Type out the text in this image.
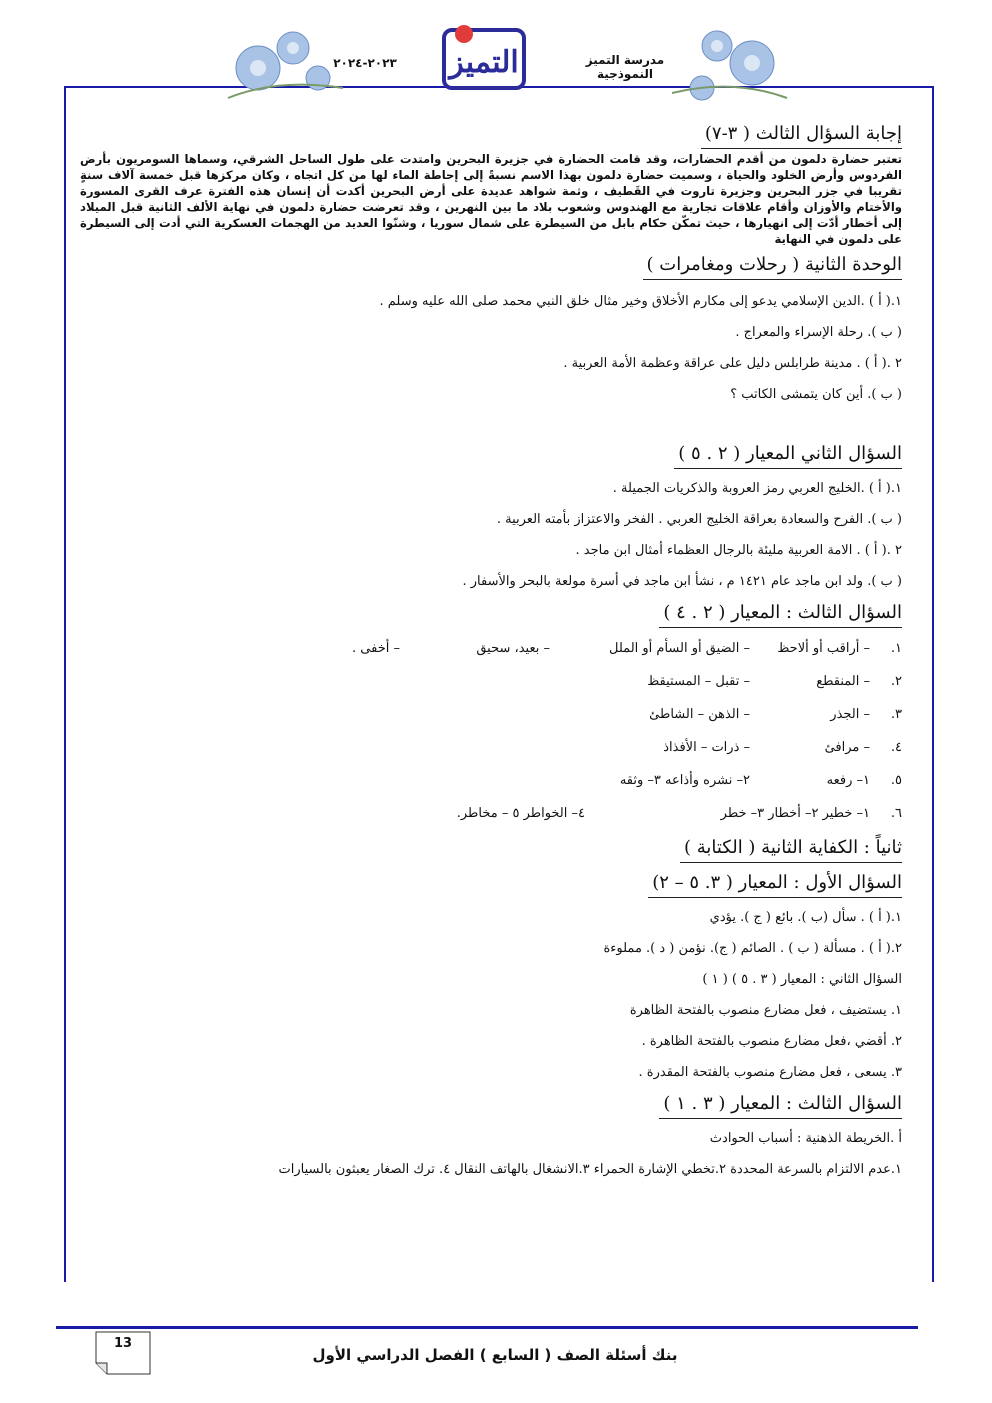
٢٠٢٣-٢٠٢٤	مدرسة التميز النموذجية
التميز
إجابة السؤال الثالث ( ٣-٧)

تعتبر حضارة دلمون من أقدم الحضارات، وقد قامت الحضارة في جزيرة البحرين وامتدت على طول الساحل الشرقي، وسماها السومريون بأرض الفردوس وأرض الخلود والحياة ، وسميت حضارة دلمون بهذا الاسم نسبةً إلى إحاطة الماء لها من كل اتجاه ، وكان مركزها قبل خمسة آلاف سنةٍ تقريبا في جزر البحرين وجزيرة تاروت في القَطيف ، وثمة شواهد عديدة على أرض البحرين أكدت أن إنسان هذه الفترة عرف القرى المسورة والأختام والأوزان وأقام علاقات تجارية مع الهندوس وشعوب بلاد ما بين النهرين ، وقد تعرضت حضارة دلمون في نهاية الألف الثانية قبل الميلاد إلى أخطار أدّت إلى انهيارها ، حيث تمكّن حكام بابل من السيطرة على شمال سوريا ، وشنّوا العديد من الهجمات العسكرية التي أدت إلى السيطرة على دلمون في النهاية

الوحدة الثانية ( رحلات ومغامرات )
١.( أ ) .الدين الإسلامي يدعو إلى مكارم الأخلاق وخير مثال خلق النبي محمد صلى الله عليه وسلم .
( ب ). رحلة الإسراء والمعراج .
٢ .( أ ) . مدينة طرابلس دليل على عراقة وعظمة الأمة العربية .
( ب ). أين كان يتمشى الكاتب ؟
السؤال الثاني المعيار ( ٢ . ٥ )
١.( أ ) .الخليج العربي رمز العروبة والذكريات الجميلة .
( ب ). الفرح والسعادة بعراقة الخليج العربي . الفخر والاعتزاز بأمته العربية .
٢ .( أ ) . الامة العربية مليئة بالرجال العظماء أمثال ابن ماجد .
( ب ). ولد ابن ماجد عام ١٤٢١ م ، نشأ ابن ماجد في أسرة مولعة بالبحر والأسفار .
السؤال الثالث : المعيار ( ٢ . ٤ )
١.
– أراقب أو ألاحظ
– الضيق أو السأم أو الملل
– بعيد، سحيق
– أخفى .
٢.
– المنقطع
– تقبل – المستيقظ
٣.
– الجذر
– الذهن – الشاطئ
٤.
– مرافئ
– ذرات – الأفذاذ
٥.
١– رفعه
٢– نشره وأذاعه ٣– وثقه
٦.
١– خطير ٢– أخطار ٣– خطر
٤– الخواطر ٥ – مخاطر.
ثانياً : الكفاية الثانية ( الكتابة )
السؤال الأول : المعيار ( ٣. ٥ – ٢)
١.( أ ) . سأل (ب ). بائع ( ج ). يؤدي
٢.( أ ) . مسألة ( ب ) . الصائم ( ج). نؤمن ( د ). مملوءة
السؤال الثاني : المعيار ( ٣ . ٥ ) ( ١ )
١. يستضيف ، فعل مضارع منصوب بالفتحة الظاهرة
٢. أقضي ،فعل مضارع منصوب بالفتحة الظاهرة .
٣. يسعى ، فعل مضارع منصوب بالفتحة المقدرة .
السؤال الثالث : المعيار ( ٣ . ١ )
أ .الخريطة الذهنية : أسباب الحوادث
١.عدم الالتزام بالسرعة المحددة ٢.تخطي الإشارة الحمراء ٣.الانشغال بالهاتف النقال ٤. ترك الصغار يعبثون بالسيارات
13
بنك أسئلة الصف ( السابع ) الفصل الدراسي الأول
